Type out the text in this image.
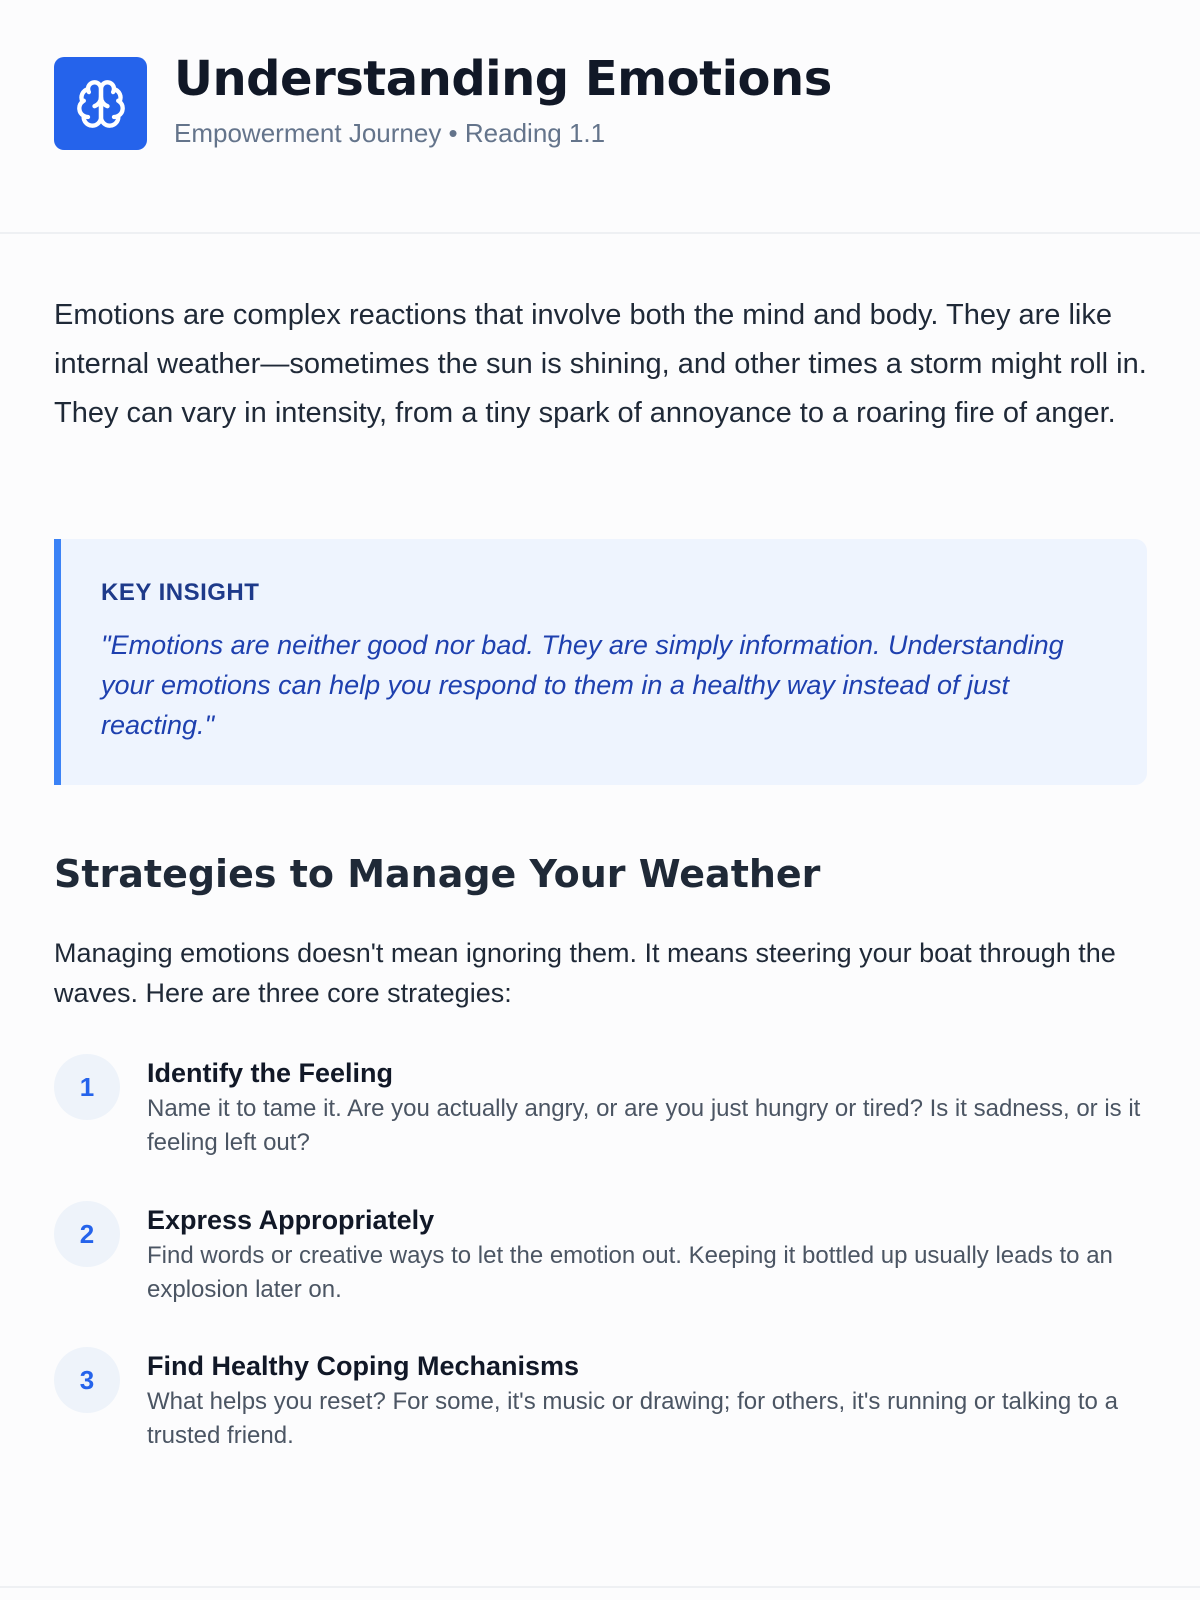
Understanding Emotions
Empowerment Journey • Reading 1.1

Emotions are complex reactions that involve both the mind and body. They are like internal weather—sometimes the sun is shining, and other times a storm might roll in. They can vary in intensity, from a tiny spark of annoyance to a roaring fire of anger.

KEY INSIGHT

"Emotions are neither good nor bad. They are simply information. Understanding your emotions can help you respond to them in a healthy way instead of just reacting."

Strategies to Manage Your Weather

Managing emotions doesn't mean ignoring them. It means steering your boat through the waves. Here are three core strategies:

1	Identify the Feeling

Name it to tame it. Are you actually angry, or are you just hungry or tired? Is it sadness, or is it feeling left out?

2	Express Appropriately

Find words or creative ways to let the emotion out. Keeping it bottled up usually leads to an explosion later on.

3	Find Healthy Coping Mechanisms

What helps you reset? For some, it's music or drawing; for others, it's running or talking to a trusted friend.
